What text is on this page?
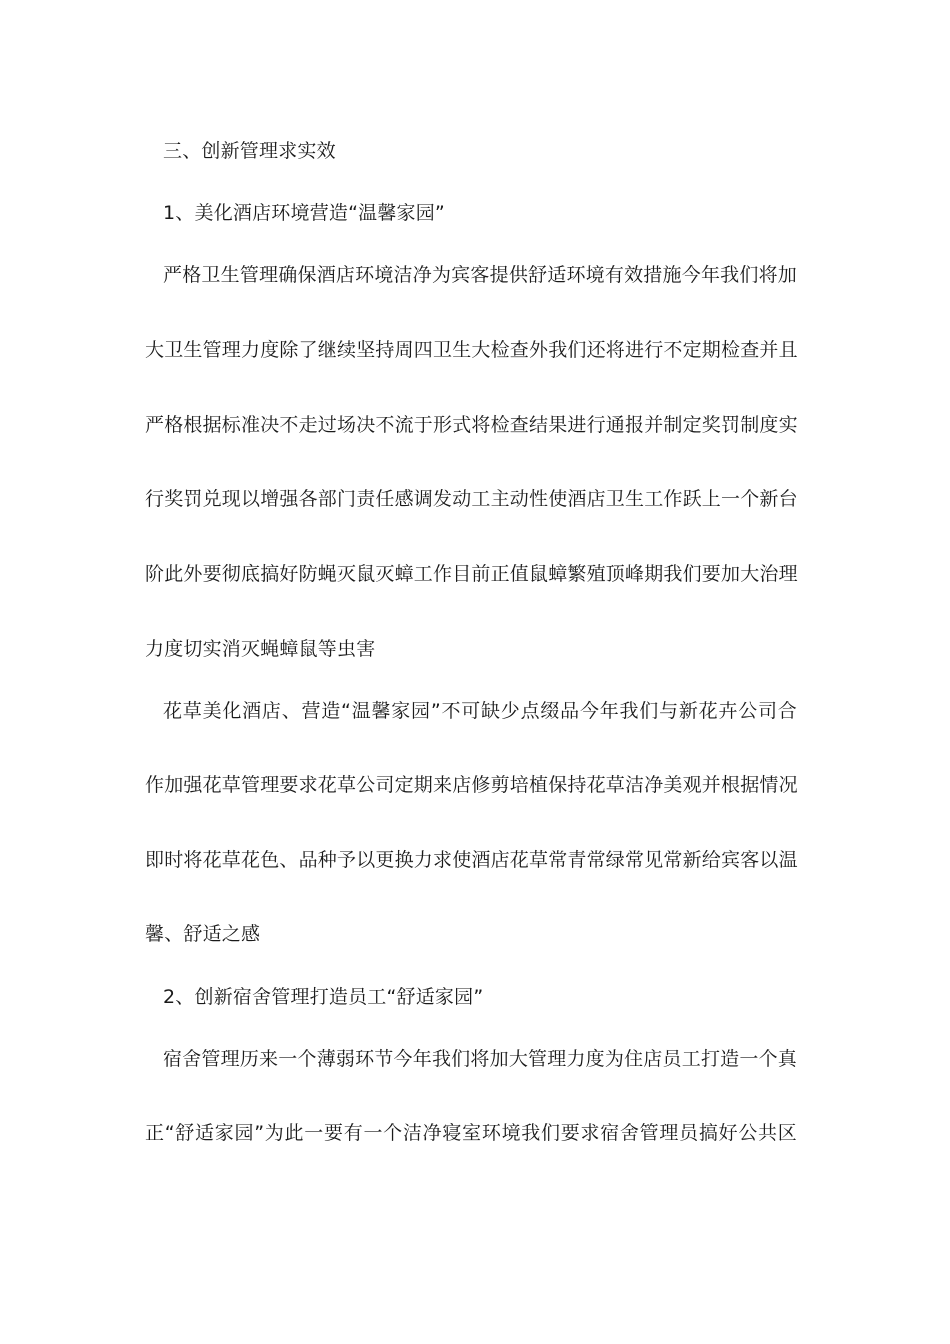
三、创新管理求实效
1、美化酒店环境营造“温馨家园”
严格卫生管理确保酒店环境洁净为宾客提供舒适环境有效措施今年我们将加
大卫生管理力度除了继续坚持周四卫生大检查外我们还将进行不定期检查并且
严格根据标准决不走过场决不流于形式将检查结果进行通报并制定奖罚制度实
行奖罚兑现以增强各部门责任感调发动工主动性使酒店卫生工作跃上一个新台
阶此外要彻底搞好防蝇灭鼠灭蟑工作目前正值鼠蟑繁殖顶峰期我们要加大治理
力度切实消灭蝇蟑鼠等虫害
花草美化酒店、营造“温馨家园”不可缺少点缀品今年我们与新花卉公司合
作加强花草管理要求花草公司定期来店修剪培植保持花草洁净美观并根据情况
即时将花草花色、品种予以更换力求使酒店花草常青常绿常见常新给宾客以温
馨、舒适之感
2、创新宿舍管理打造员工“舒适家园”
宿舍管理历来一个薄弱环节今年我们将加大管理力度为住店员工打造一个真
正“舒适家园”为此一要有一个洁净寝室环境我们要求宿舍管理员搞好公共区
